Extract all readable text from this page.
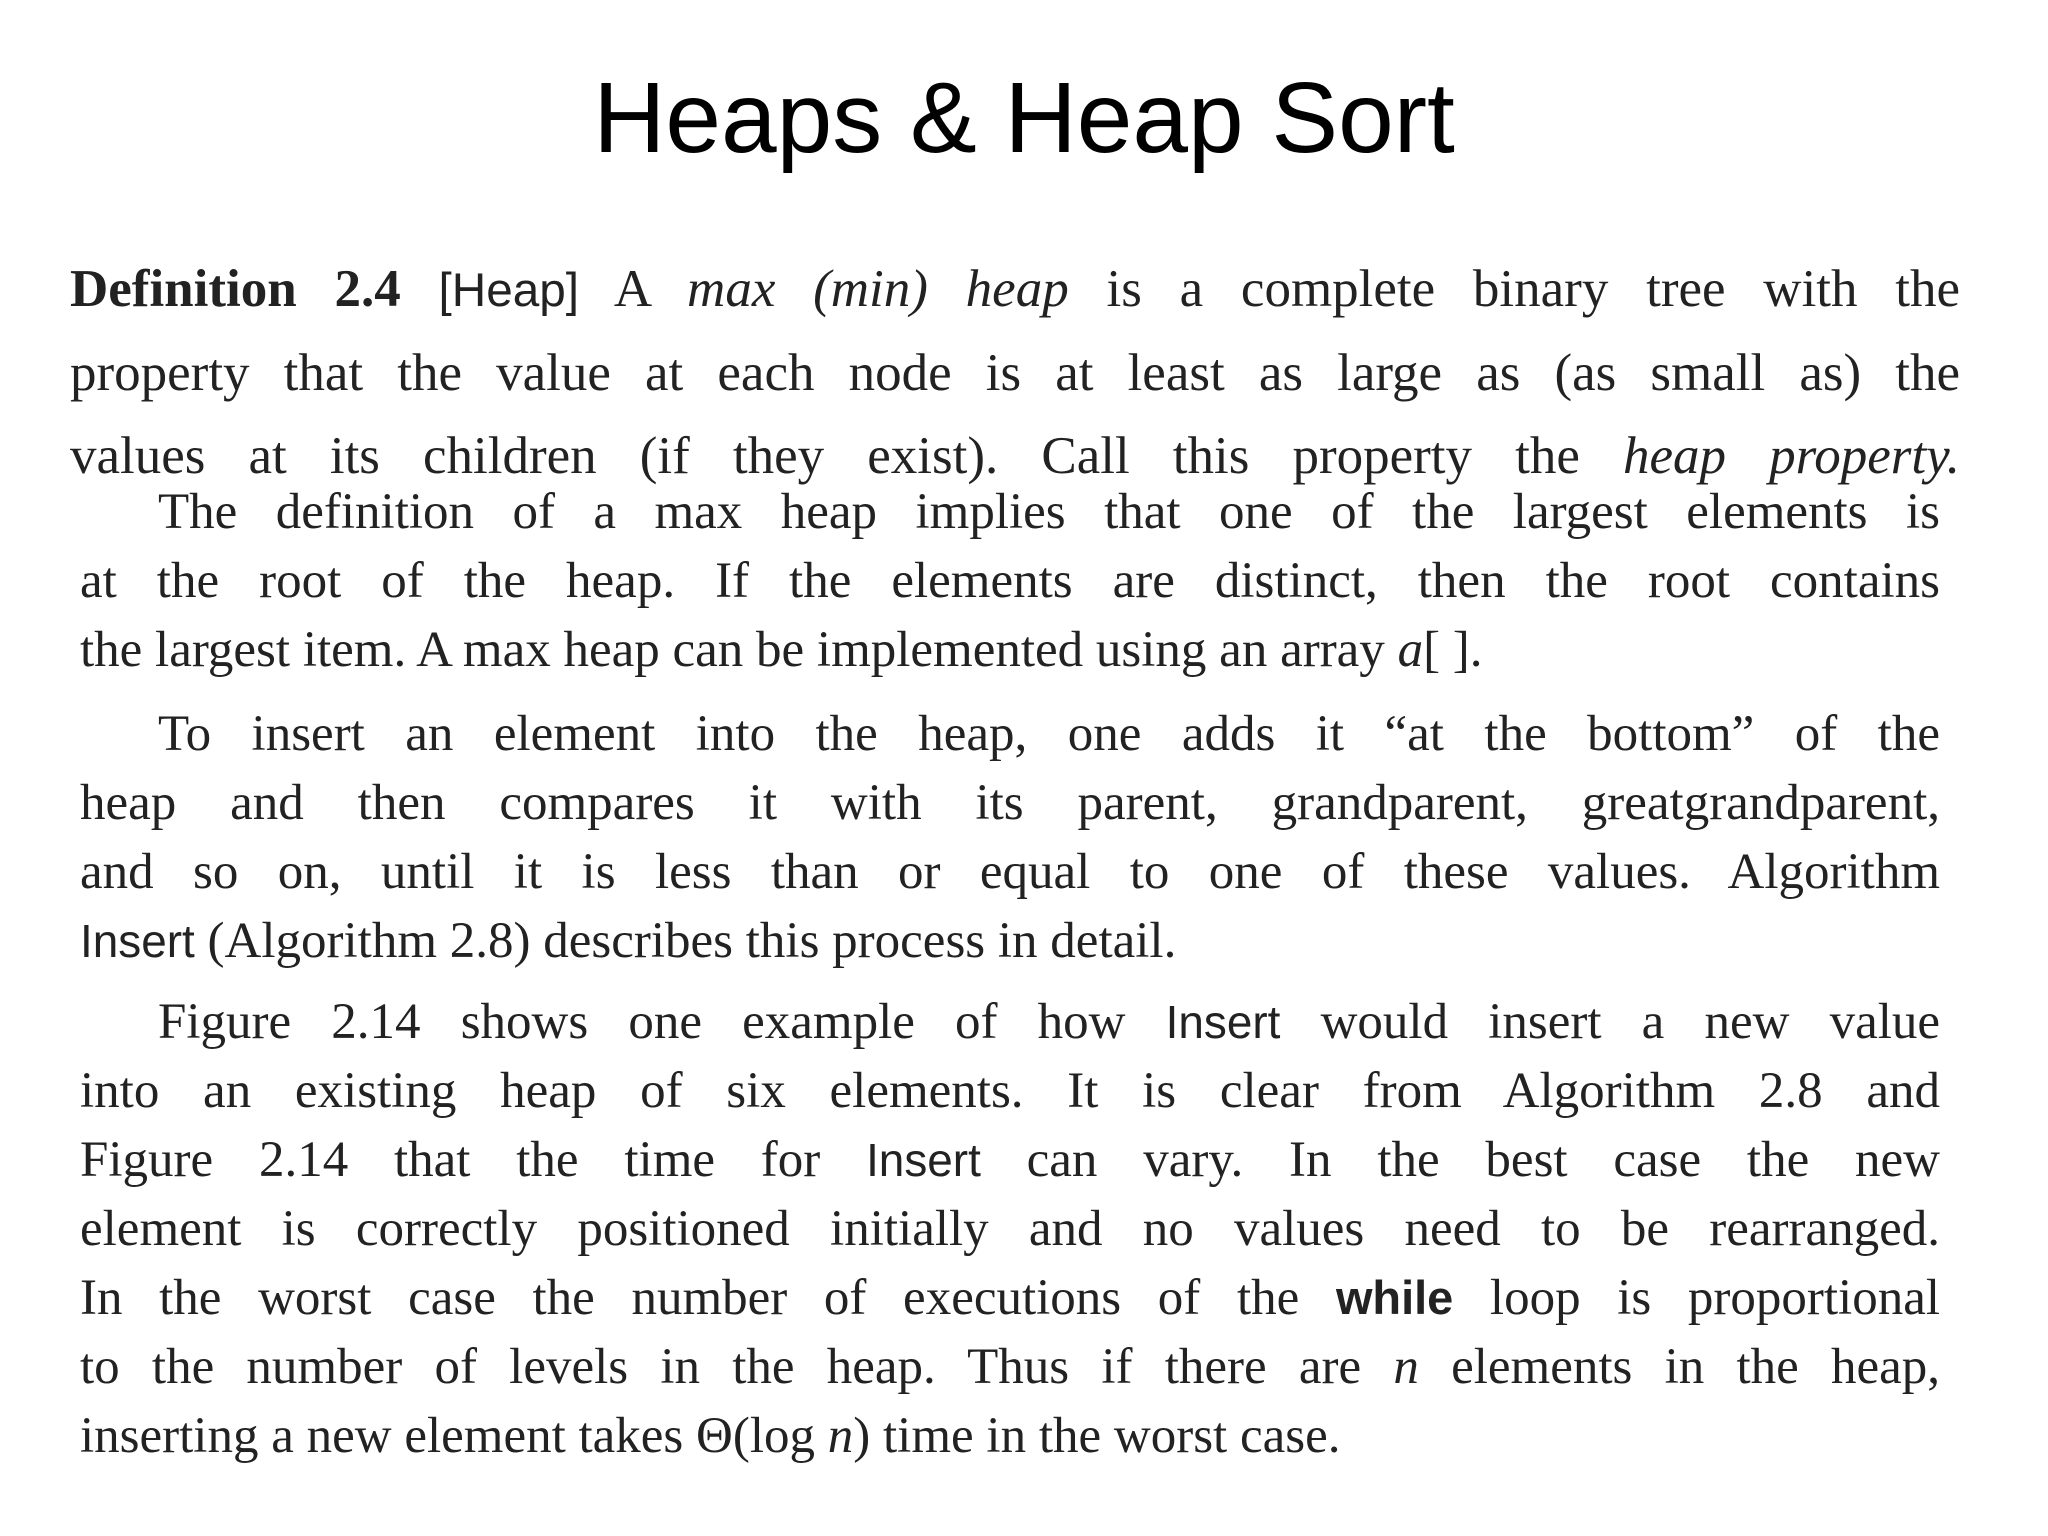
Heaps & Heap Sort
Definition 2.4 [Heap] A max (min) heap is a complete binary tree with the
property that the value at each node is at least as large as (as small as) the
values at its children (if they exist). Call this property the heap property.
The definition of a max heap implies that one of the largest elements is
at the root of the heap. If the elements are distinct, then the root contains
the largest item. A max heap can be implemented using an array a[ ].
To insert an element into the heap, one adds it “at the bottom” of the
heap and then compares it with its parent, grandparent, greatgrandparent,
and so on, until it is less than or equal to one of these values. Algorithm
Insert (Algorithm 2.8) describes this process in detail.
Figure 2.14 shows one example of how Insert would insert a new value
into an existing heap of six elements. It is clear from Algorithm 2.8 and
Figure 2.14 that the time for Insert can vary. In the best case the new
element is correctly positioned initially and no values need to be rearranged.
In the worst case the number of executions of the while loop is proportional
to the number of levels in the heap. Thus if there are n elements in the heap,
inserting a new element takes Θ(log n) time in the worst case.
